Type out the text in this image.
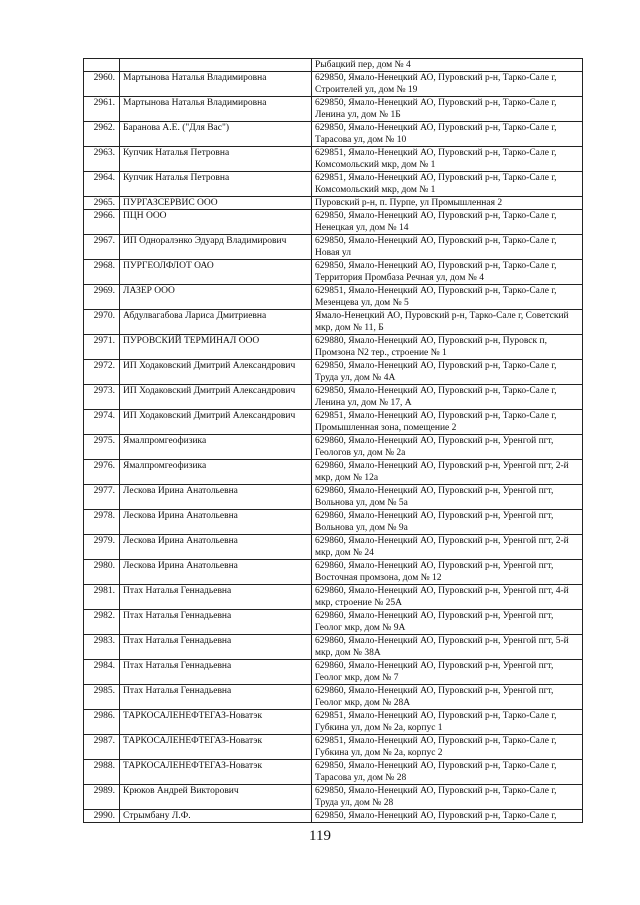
		Рыбацкий пер, дом № 4

2960.	Мартынова Наталья Владимировна	629850, Ямало-Ненецкий АО, Пуровский р-н, Тарко-Сале г,
Строителей ул, дом № 19

2961.	Мартынова Наталья Владимировна	629850, Ямало-Ненецкий АО, Пуровский р-н, Тарко-Сале г,
Ленина ул, дом № 1Б

2962.	Баранова А.Е. ("Для Вас")	629850, Ямало-Ненецкий АО, Пуровский р-н, Тарко-Сале г,
Тарасова ул, дом № 10

2963.	Купчик Наталья Петровна	629851, Ямало-Ненецкий АО, Пуровский р-н, Тарко-Сале г,
Комсомольский мкр, дом № 1

2964.	Купчик Наталья Петровна	629851, Ямало-Ненецкий АО, Пуровский р-н, Тарко-Сале г,
Комсомольский мкр, дом № 1

2965.	ПУРГАЗСЕРВИС ООО	Пуровский р-н, п. Пурпе, ул Промышленная 2

2966.	ПЦН ООО	629850, Ямало-Ненецкий АО, Пуровский р-н, Тарко-Сале г,
Ненецкая ул, дом № 14

2967.	ИП Одноралэнко Эдуард Владимирович	629850, Ямало-Ненецкий АО, Пуровский р-н, Тарко-Сале г,
Новая ул

2968.	ПУРГЕОЛФЛОТ ОАО	629850, Ямало-Ненецкий АО, Пуровский р-н, Тарко-Сале г,
Территория Промбаза Речная ул, дом № 4

2969.	ЛАЗЕР ООО	629851, Ямало-Ненецкий АО, Пуровский р-н, Тарко-Сале г,
Мезенцева ул, дом № 5

2970.	Абдулвагабова Лариса Дмитриевна	Ямало-Ненецкий АО, Пуровский р-н, Тарко-Сале г, Советский
мкр, дом № 11, Б

2971.	ПУРОВСКИЙ ТЕРМИНАЛ ООО	629880, Ямало-Ненецкий АО, Пуровский р-н, Пуровск п,
Промзона N2 тер., строение № 1

2972.	ИП Ходаковский Дмитрий Александрович	629850, Ямало-Ненецкий АО, Пуровский р-н, Тарко-Сале г,
Труда ул, дом № 4А

2973.	ИП Ходаковский Дмитрий Александрович	629850, Ямало-Ненецкий АО, Пуровский р-н, Тарко-Сале г,
Ленина ул, дом № 17, А

2974.	ИП Ходаковский Дмитрий Александрович	629851, Ямало-Ненецкий АО, Пуровский р-н, Тарко-Сале г,
Промышленная зона, помещение 2

2975.	Ямалпромгеофизика	629860, Ямало-Ненецкий АО, Пуровский р-н, Уренгой пгт,
Геологов ул, дом № 2а

2976.	Ямалпромгеофизика	629860, Ямало-Ненецкий АО, Пуровский р-н, Уренгой пгт, 2-й
мкр, дом № 12а

2977.	Лескова Ирина Анатольевна	629860, Ямало-Ненецкий АО, Пуровский р-н, Уренгой пгт,
Вольнова ул, дом № 5а

2978.	Лескова Ирина Анатольевна	629860, Ямало-Ненецкий АО, Пуровский р-н, Уренгой пгт,
Вольнова ул, дом № 9а

2979.	Лескова Ирина Анатольевна	629860, Ямало-Ненецкий АО, Пуровский р-н, Уренгой пгт, 2-й
мкр, дом № 24

2980.	Лескова Ирина Анатольевна	629860, Ямало-Ненецкий АО, Пуровский р-н, Уренгой пгт,
Восточная промзона, дом № 12

2981.	Птах Наталья Геннадьевна	629860, Ямало-Ненецкий АО, Пуровский р-н, Уренгой пгт, 4-й
мкр, строение № 25А

2982.	Птах Наталья Геннадьевна	629860, Ямало-Ненецкий АО, Пуровский р-н, Уренгой пгт,
Геолог мкр, дом № 9А

2983.	Птах Наталья Геннадьевна	629860, Ямало-Ненецкий АО, Пуровский р-н, Уренгой пгт, 5-й
мкр, дом № 38А

2984.	Птах Наталья Геннадьевна	629860, Ямало-Ненецкий АО, Пуровский р-н, Уренгой пгт,
Геолог мкр, дом № 7

2985.	Птах Наталья Геннадьевна	629860, Ямало-Ненецкий АО, Пуровский р-н, Уренгой пгт,
Геолог мкр, дом № 28А

2986.	ТАРКОСАЛЕНЕФТЕГАЗ-Новатэк	629851, Ямало-Ненецкий АО, Пуровский р-н, Тарко-Сале г,
Губкина ул, дом № 2а, корпус 1

2987.	ТАРКОСАЛЕНЕФТЕГАЗ-Новатэк	629851, Ямало-Ненецкий АО, Пуровский р-н, Тарко-Сале г,
Губкина ул, дом № 2а, корпус 2

2988.	ТАРКОСАЛЕНЕФТЕГАЗ-Новатэк	629850, Ямало-Ненецкий АО, Пуровский р-н, Тарко-Сале г,
Тарасова ул, дом № 28

2989.	Крюков Андрей Викторович	629850, Ямало-Ненецкий АО, Пуровский р-н, Тарко-Сале г,
Труда ул, дом № 28

2990.	Стрымбану Л.Ф.	629850, Ямало-Ненецкий АО, Пуровский р-н, Тарко-Сале г,
119
